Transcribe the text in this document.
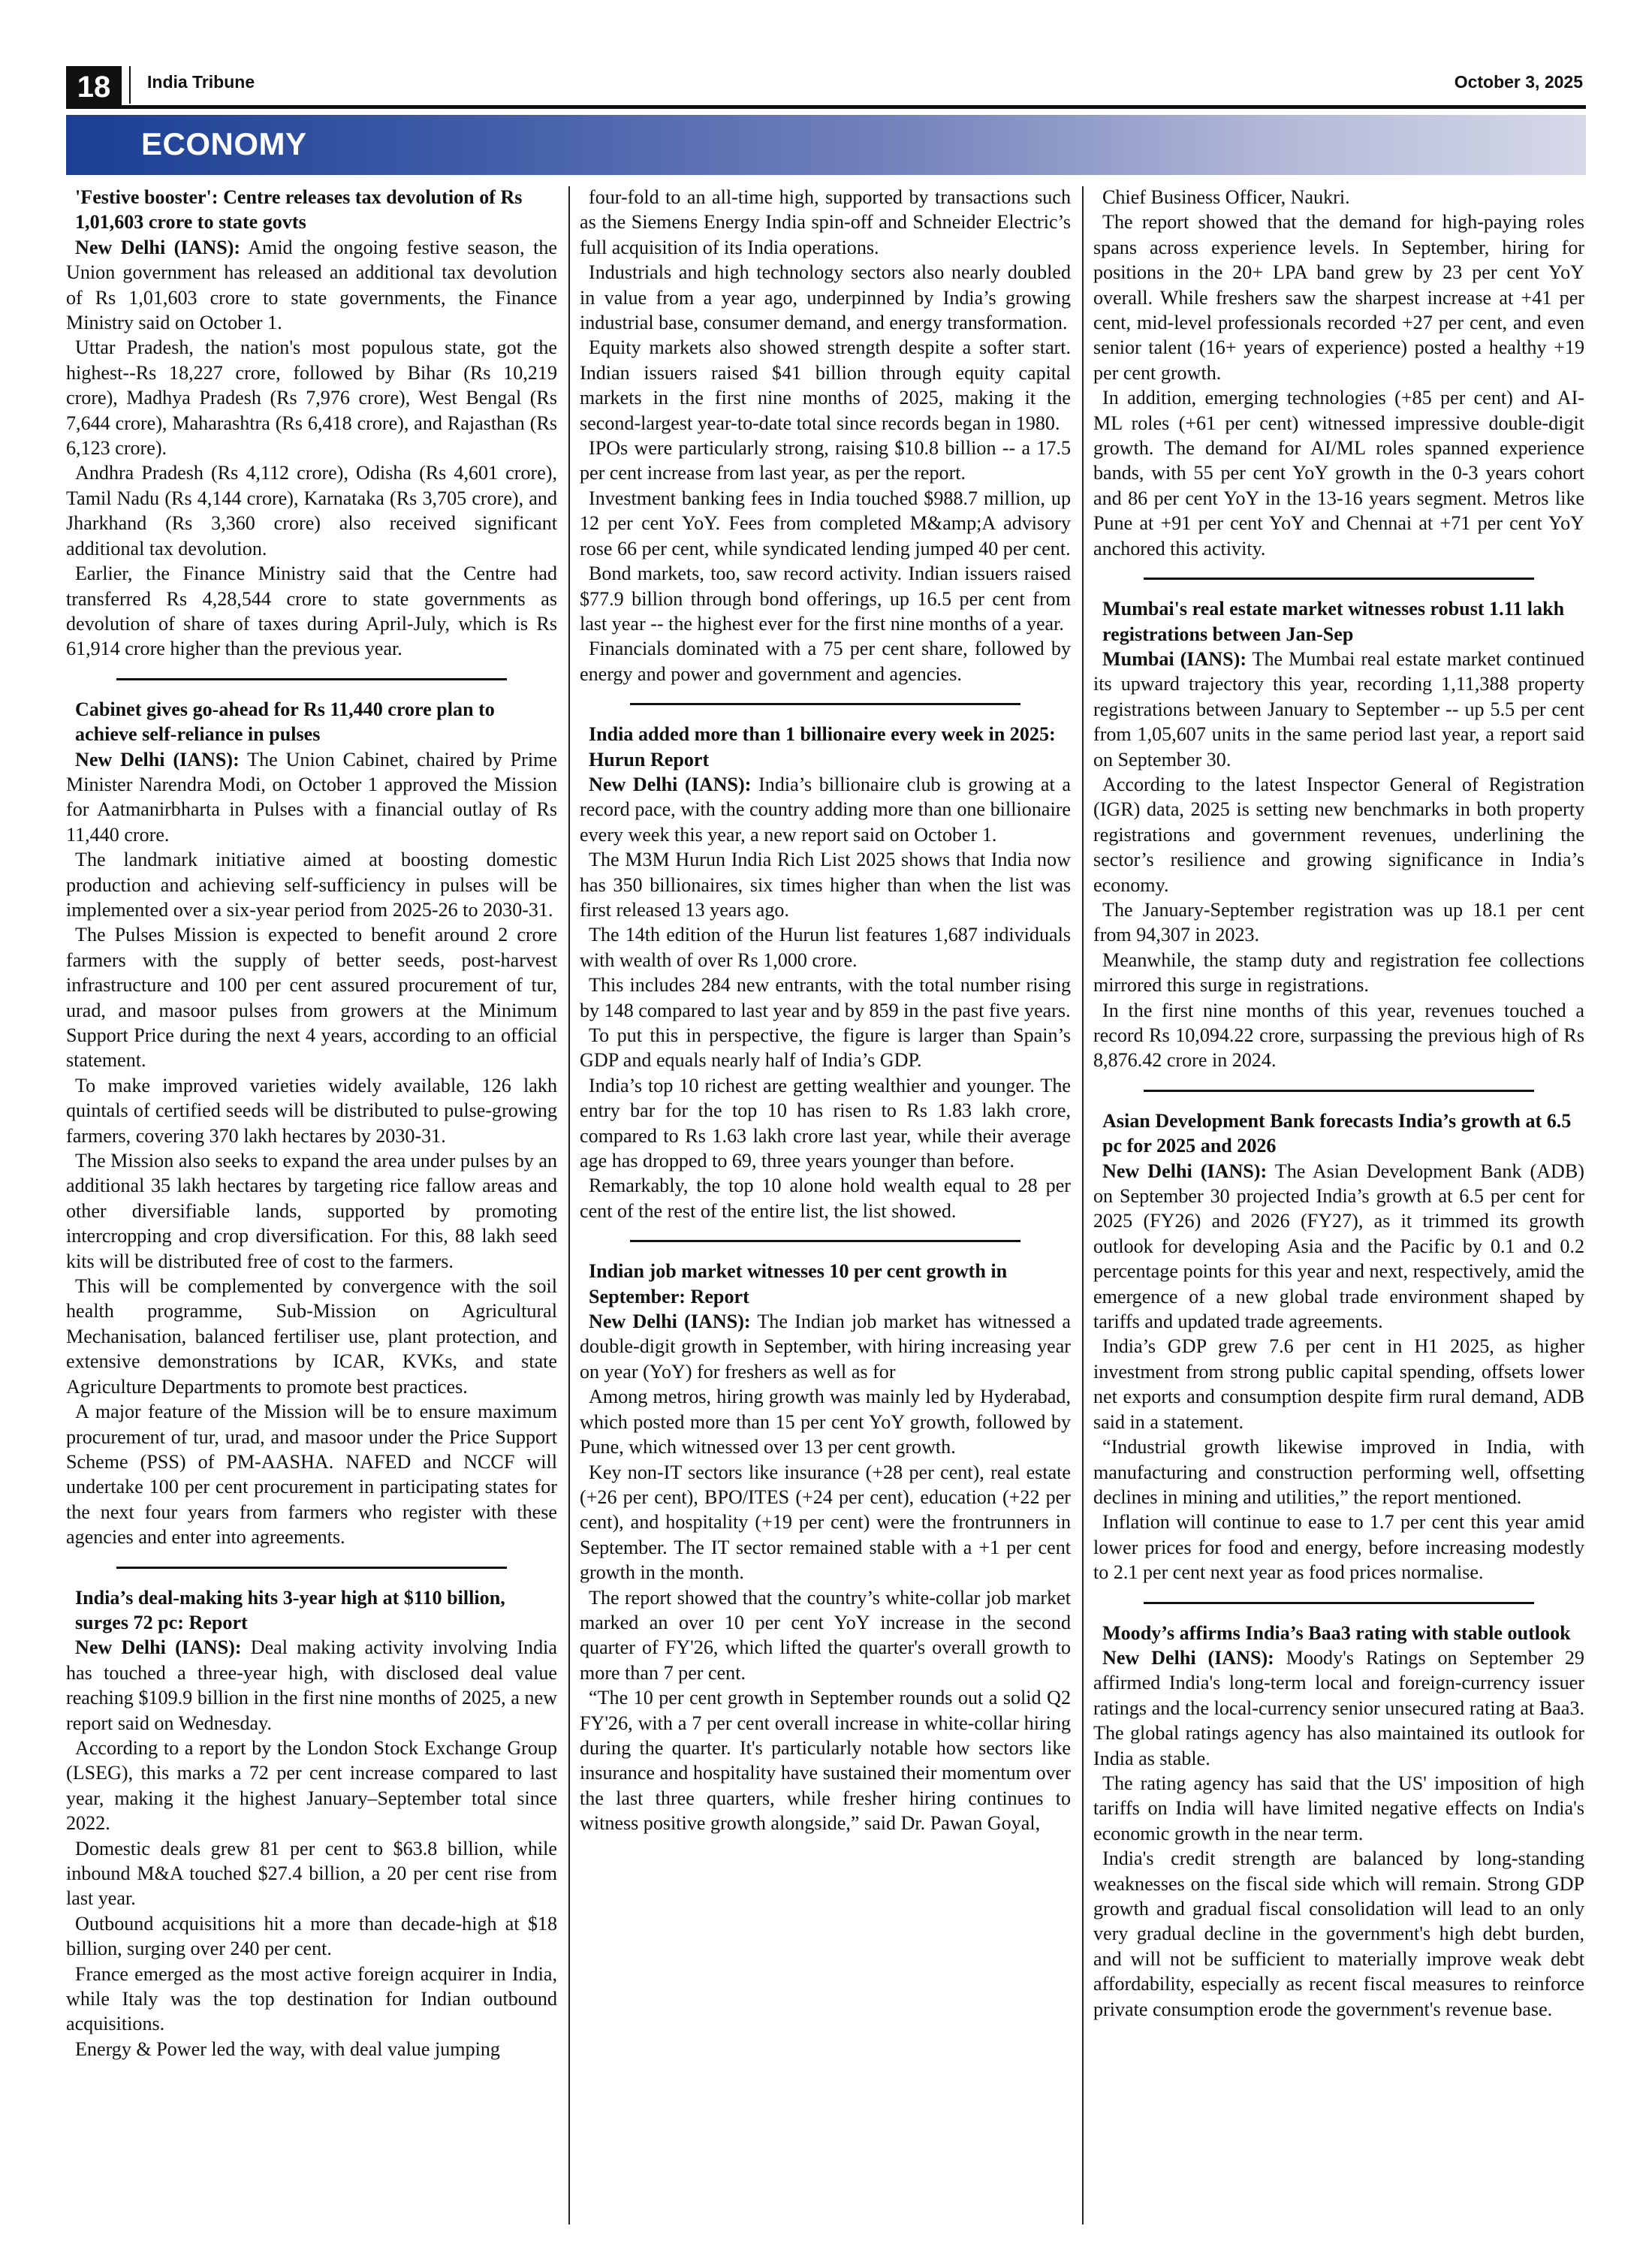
18	India Tribune	October 3, 2025
ECONOMY
'Festive booster': Centre releases tax devolution of Rs 1,01,603 crore to state govts

New Delhi (IANS): Amid the ongoing festive season, the Union government has released an additional tax devolution of Rs 1,01,603 crore to state governments, the Finance Ministry said on October 1.

Uttar Pradesh, the nation's most populous state, got the highest--Rs 18,227 crore, followed by Bihar (Rs 10,219 crore), Madhya Pradesh (Rs 7,976 crore), West Bengal (Rs 7,644 crore), Maharashtra (Rs 6,418 crore), and Rajasthan (Rs 6,123 crore).

Andhra Pradesh (Rs 4,112 crore), Odisha (Rs 4,601 crore), Tamil Nadu (Rs 4,144 crore), Karnataka (Rs 3,705 crore), and Jharkhand (Rs 3,360 crore) also received significant additional tax devolution.

Earlier, the Finance Ministry said that the Centre had transferred Rs 4,28,544 crore to state governments as devolution of share of taxes during April-July, which is Rs 61,914 crore higher than the previous year.

Cabinet gives go-ahead for Rs 11,440 crore plan to achieve self-reliance in pulses

New Delhi (IANS): The Union Cabinet, chaired by Prime Minister Narendra Modi, on October 1 approved the Mission for Aatmanirbharta in Pulses with a financial outlay of Rs 11,440 crore.

The landmark initiative aimed at boosting domestic production and achieving self-sufficiency in pulses will be implemented over a six-year period from 2025-26 to 2030-31.

The Pulses Mission is expected to benefit around 2 crore farmers with the supply of better seeds, post-harvest infrastructure and 100 per cent assured procurement of tur, urad, and masoor pulses from growers at the Minimum Support Price during the next 4 years, according to an official statement.

To make improved varieties widely available, 126 lakh quintals of certified seeds will be distributed to pulse-growing farmers, covering 370 lakh hectares by 2030-31.

The Mission also seeks to expand the area under pulses by an additional 35 lakh hectares by targeting rice fallow areas and other diversifiable lands, supported by promoting intercropping and crop diversification. For this, 88 lakh seed kits will be distributed free of cost to the farmers.

This will be complemented by convergence with the soil health programme, Sub-Mission on Agricultural Mechanisation, balanced fertiliser use, plant protection, and extensive demonstrations by ICAR, KVKs, and state Agriculture Departments to promote best practices.

A major feature of the Mission will be to ensure maximum procurement of tur, urad, and masoor under the Price Support Scheme (PSS) of PM-AASHA. NAFED and NCCF will undertake 100 per cent procurement in participating states for the next four years from farmers who register with these agencies and enter into agreements.

India’s deal-making hits 3-year high at $110 billion, surges 72 pc: Report

New Delhi (IANS): Deal making activity involving India has touched a three-year high, with disclosed deal value reaching $109.9 billion in the first nine months of 2025, a new report said on Wednesday.

According to a report by the London Stock Exchange Group (LSEG), this marks a 72 per cent increase compared to last year, making it the highest January–September total since 2022.

Domestic deals grew 81 per cent to $63.8 billion, while inbound M&A touched $27.4 billion, a 20 per cent rise from last year.

Outbound acquisitions hit a more than decade-high at $18 billion, surging over 240 per cent.

France emerged as the most active foreign acquirer in India, while Italy was the top destination for Indian outbound acquisitions.

Energy & Power led the way, with deal value jumping

four-fold to an all-time high, supported by transactions such as the Siemens Energy India spin-off and Schneider Electric’s full acquisition of its India operations.

Industrials and high technology sectors also nearly doubled in value from a year ago, underpinned by India’s growing industrial base, consumer demand, and energy transformation.

Equity markets also showed strength despite a softer start. Indian issuers raised $41 billion through equity capital markets in the first nine months of 2025, making it the second-largest year-to-date total since records began in 1980.

IPOs were particularly strong, raising $10.8 billion -- a 17.5 per cent increase from last year, as per the report.

Investment banking fees in India touched $988.7 million, up 12 per cent YoY. Fees from completed M&amp;A advisory rose 66 per cent, while syndicated lending jumped 40 per cent.

Bond markets, too, saw record activity. Indian issuers raised $77.9 billion through bond offerings, up 16.5 per cent from last year -- the highest ever for the first nine months of a year.

Financials dominated with a 75 per cent share, followed by energy and power and government and agencies.

India added more than 1 billionaire every week in 2025: Hurun Report

New Delhi (IANS): India’s billionaire club is growing at a record pace, with the country adding more than one billionaire every week this year, a new report said on October 1.

The M3M Hurun India Rich List 2025 shows that India now has 350 billionaires, six times higher than when the list was first released 13 years ago.

The 14th edition of the Hurun list features 1,687 individuals with wealth of over Rs 1,000 crore.

This includes 284 new entrants, with the total number rising by 148 compared to last year and by 859 in the past five years.

To put this in perspective, the figure is larger than Spain’s GDP and equals nearly half of India’s GDP.

India’s top 10 richest are getting wealthier and younger. The entry bar for the top 10 has risen to Rs 1.83 lakh crore, compared to Rs 1.63 lakh crore last year, while their average age has dropped to 69, three years younger than before.

Remarkably, the top 10 alone hold wealth equal to 28 per cent of the rest of the entire list, the list showed.

Indian job market witnesses 10 per cent growth in September: Report

New Delhi (IANS): The Indian job market has witnessed a double-digit growth in September, with hiring increasing year on year (YoY) for freshers as well as for

Among metros, hiring growth was mainly led by Hyderabad, which posted more than 15 per cent YoY growth, followed by Pune, which witnessed over 13 per cent growth.

Key non-IT sectors like insurance (+28 per cent), real estate (+26 per cent), BPO/ITES (+24 per cent), education (+22 per cent), and hospitality (+19 per cent) were the frontrunners in September. The IT sector remained stable with a +1 per cent growth in the month.

The report showed that the country’s white-collar job market marked an over 10 per cent YoY increase in the second quarter of FY'26, which lifted the quarter's overall growth to more than 7 per cent.

“The 10 per cent growth in September rounds out a solid Q2 FY'26, with a 7 per cent overall increase in white-collar hiring during the quarter. It's particularly notable how sectors like insurance and hospitality have sustained their momentum over the last three quarters, while fresher hiring continues to witness positive growth alongside,” said Dr. Pawan Goyal,

Chief Business Officer, Naukri.

The report showed that the demand for high-paying roles spans across experience levels. In September, hiring for positions in the 20+ LPA band grew by 23 per cent YoY overall. While freshers saw the sharpest increase at +41 per cent, mid-level professionals recorded +27 per cent, and even senior talent (16+ years of experience) posted a healthy +19 per cent growth.

In addition, emerging technologies (+85 per cent) and AI-ML roles (+61 per cent) witnessed impressive double-digit growth. The demand for AI/ML roles spanned experience bands, with 55 per cent YoY growth in the 0-3 years cohort and 86 per cent YoY in the 13-16 years segment. Metros like Pune at +91 per cent YoY and Chennai at +71 per cent YoY anchored this activity.

Mumbai's real estate market witnesses robust 1.11 lakh registrations between Jan-Sep

Mumbai (IANS): The Mumbai real estate market continued its upward trajectory this year, recording 1,11,388 property registrations between January to September -- up 5.5 per cent from 1,05,607 units in the same period last year, a report said on September 30.

According to the latest Inspector General of Registration (IGR) data, 2025 is setting new benchmarks in both property registrations and government revenues, underlining the sector’s resilience and growing significance in India’s economy.

The January-September registration was up 18.1 per cent from 94,307 in 2023.

Meanwhile, the stamp duty and registration fee collections mirrored this surge in registrations.

In the first nine months of this year, revenues touched a record Rs 10,094.22 crore, surpassing the previous high of Rs 8,876.42 crore in 2024.

Asian Development Bank forecasts India’s growth at 6.5 pc for 2025 and 2026

New Delhi (IANS): The Asian Development Bank (ADB) on September 30 projected India’s growth at 6.5 per cent for 2025 (FY26) and 2026 (FY27), as it trimmed its growth outlook for developing Asia and the Pacific by 0.1 and 0.2 percentage points for this year and next, respectively, amid the emergence of a new global trade environment shaped by tariffs and updated trade agreements.

India’s GDP grew 7.6 per cent in H1 2025, as higher investment from strong public capital spending, offsets lower net exports and consumption despite firm rural demand, ADB said in a statement.

“Industrial growth likewise improved in India, with manufacturing and construction performing well, offsetting declines in mining and utilities,” the report mentioned.

Inflation will continue to ease to 1.7 per cent this year amid lower prices for food and energy, before increasing modestly to 2.1 per cent next year as food prices normalise.

Moody’s affirms India’s Baa3 rating with stable outlook

New Delhi (IANS): Moody's Ratings on September 29 affirmed India's long-term local and foreign-currency issuer ratings and the local-currency senior unsecured rating at Baa3. The global ratings agency has also maintained its outlook for India as stable.

The rating agency has said that the US' imposition of high tariffs on India will have limited negative effects on India's economic growth in the near term.

India's credit strength are balanced by long-standing weaknesses on the fiscal side which will remain. Strong GDP growth and gradual fiscal consolidation will lead to an only very gradual decline in the government's high debt burden, and will not be sufficient to materially improve weak debt affordability, especially as recent fiscal measures to reinforce private consumption erode the government's revenue base.
